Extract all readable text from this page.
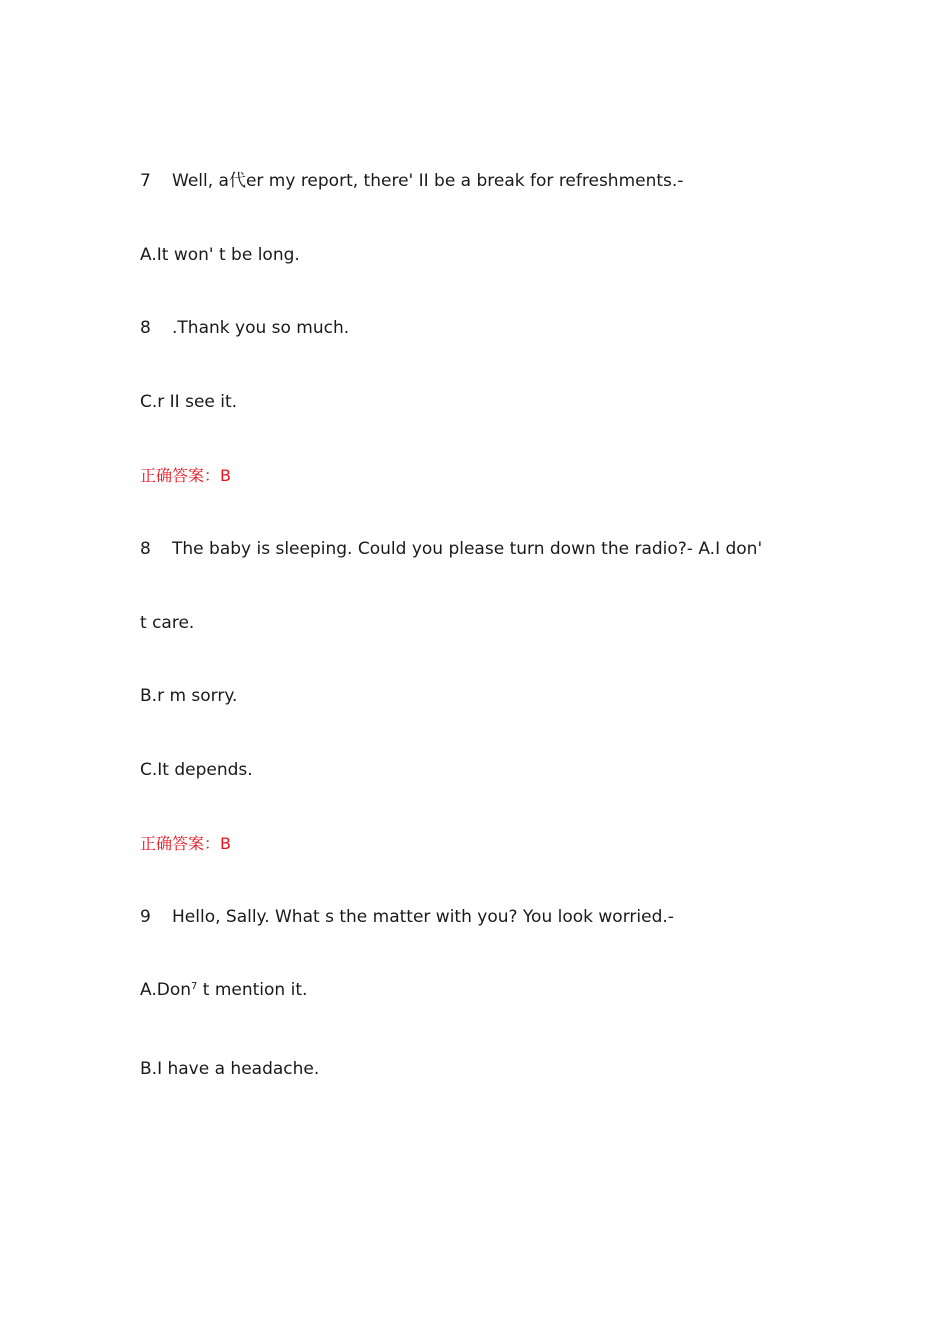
7 Well, a代er my report, there' II be a break for refreshments.-

A.It won' t be long.

8 .Thank you so much.

C.r II see it.

正确答案：B

8 The baby is sleeping. Could you please turn down the radio?- A.I don'

t care.

B.r m sorry.

C.It depends.

正确答案：B

9 Hello, Sally. What s the matter with you? You look worried.-

A.Don$^7$ t mention it.

B.I have a headache.
